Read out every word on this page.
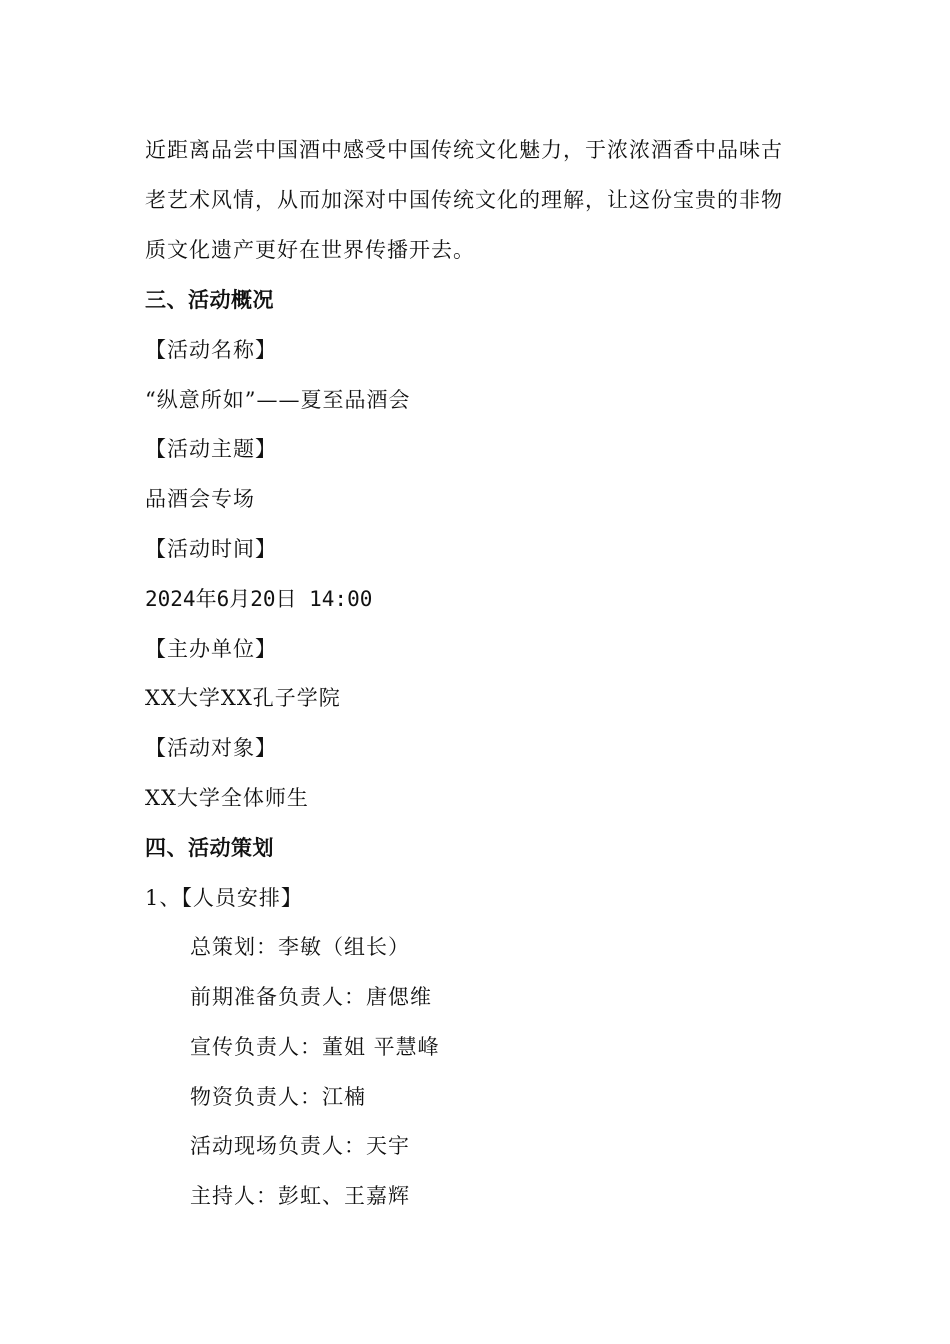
近距离品尝中国酒中感受中国传统文化魅力，于浓浓酒香中品味古
老艺术风情，从而加深对中国传统文化的理解，让这份宝贵的非物
质文化遗产更好在世界传播开去。
三、活动概况
【活动名称】
“纵意所如”——夏至品酒会
【活动主题】
品酒会专场
【活动时间】
2024年6月20日 14:00
【主办单位】
XX大学XX孔子学院
【活动对象】
XX大学全体师生
四、活动策划
1、【人员安排】
总策划：李敏（组长）
前期准备负责人：唐偲维
宣传负责人：董姐 平慧峰
物资负责人：江楠
活动现场负责人：天宇
主持人：彭虹、王嘉辉
